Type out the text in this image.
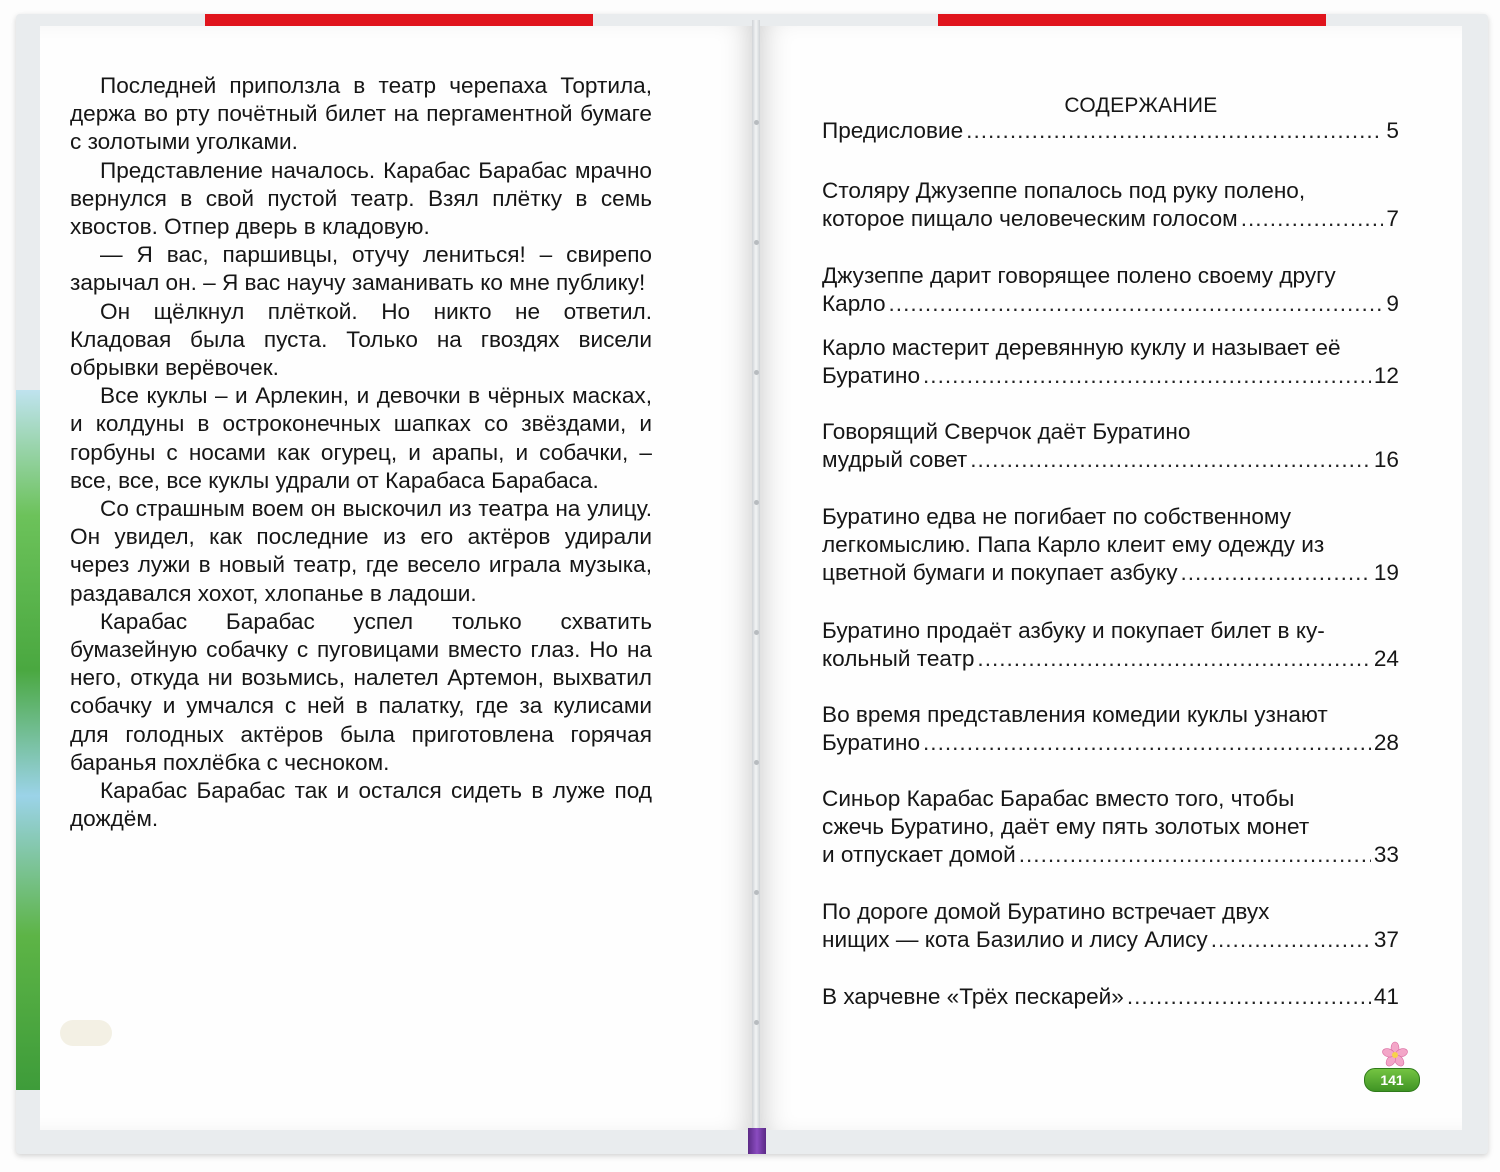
Последней приползла в театр черепаха Тортила, держа во рту почётный билет на пергаментной бумаге с золотыми уголками.

Представление началось. Карабас Барабас мрачно вернулся в свой пустой театр. Взял плётку в семь хвостов. Отпер дверь в кладовую.

— Я вас, паршивцы, отучу лениться! – свирепо зарычал он. – Я вас научу заманивать ко мне публику!

Он щёлкнул плёткой. Но никто не ответил. Кладовая была пуста. Только на гвоздях висели обрывки верёвочек.

Все куклы – и Арлекин, и девочки в чёрных масках, и колдуны в остроконечных шапках со звёздами, и горбуны с носами как огурец, и арапы, и собачки, – все, все, все куклы удрали от Карабаса Барабаса.

Со страшным воем он выскочил из театра на улицу. Он увидел, как последние из его актёров удирали через лужи в новый театр, где весело играла музыка, раздавался хохот, хлопанье в ладоши.

Карабас Барабас успел только схватить бумазейную собачку с пуговицами вместо глаз. Но на него, откуда ни возьмись, налетел Артемон, выхватил собачку и умчался с ней в палатку, где за кулисами для голодных актёров была приготовлена горячая баранья похлёбка с чесноком.

Карабас Барабас так и остался сидеть в луже под дождём.

СОДЕРЖАНИЕ
Предисловие .....	5
Столяру Джузеппе попалось под руку полено,
которое пищало человеческим голосом .....	7
Джузеппе дарит говорящее полено своему другу
Карло .....	9
Карло мастерит деревянную куклу и называет её
Буратино .....	12
Говорящий Сверчок даёт Буратино
мудрый совет .....	16
Буратино едва не погибает по собственному
легкомыслию. Папа Карло клеит ему одежду из
цветной бумаги и покупает азбуку .....	19
Буратино продаёт азбуку и покупает билет в ку-
кольный театр .....	24
Во время представления комедии куклы узнают
Буратино .....	28
Синьор Карабас Барабас вместо того, чтобы
сжечь Буратино, даёт ему пять золотых монет
и отпускает домой .....	33
По дороге домой Буратино встречает двух
нищих — кота Базилио и лису Алису .....	37
В харчевне «Трёх пескарей» .....	41
141
